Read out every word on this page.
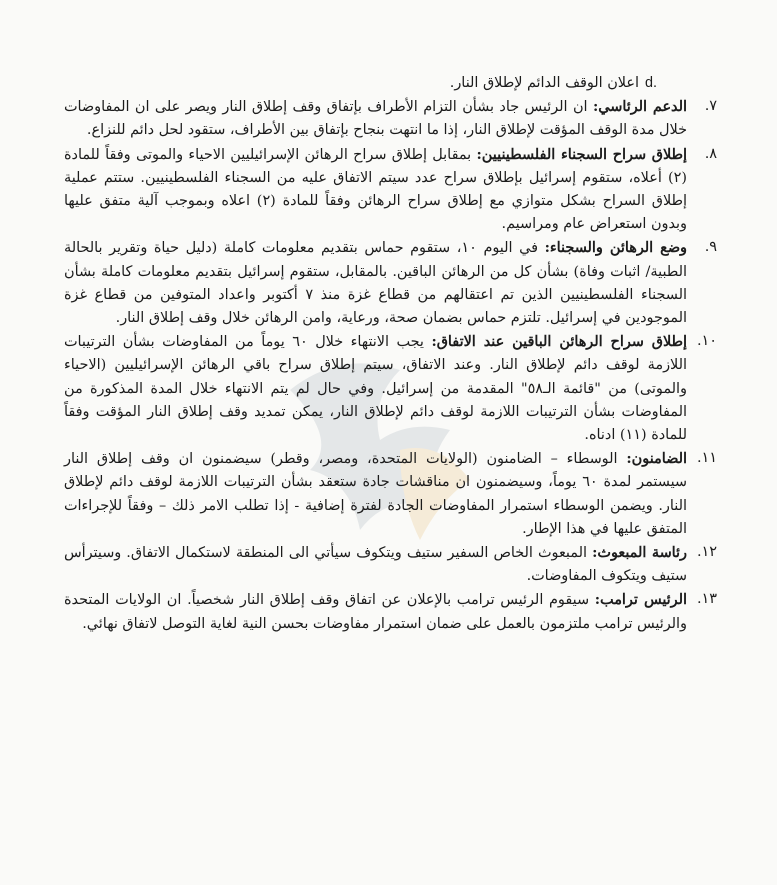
.dاعلان الوقف الدائم لإطلاق النار.

٧.
الدعم الرئاسي: ان الرئيس جاد بشأن التزام الأطراف بإتفاق وقف إطلاق النار ويصر على ان المفاوضات خلال مدة الوقف المؤقت لإطلاق النار، إذا ما انتهت بنجاح بإتفاق بين الأطراف، ستقود لحل دائم للنزاع.

٨.
إطلاق سراح السجناء الفلسطينيين: بمقابل إطلاق سراح الرهائن الإسرائيليين الاحياء والموتى وفقاً للمادة (٢) أعلاه، ستقوم إسرائيل بإطلاق سراح عدد سيتم الاتفاق عليه من السجناء الفلسطينيين. ستتم عملية إطلاق السراح بشكل متوازي مع إطلاق سراح الرهائن وفقاً للمادة (٢) اعلاه وبموجب آلية متفق عليها وبدون استعراض عام ومراسيم.

٩.
وضع الرهائن والسجناء: في اليوم ١٠، ستقوم حماس بتقديم معلومات كاملة (دليل حياة وتقرير بالحالة الطبية/ اثبات وفاة) بشأن كل من الرهائن الباقين. بالمقابل، ستقوم إسرائيل بتقديم معلومات كاملة بشأن السجناء الفلسطينيين الذين تم اعتقالهم من قطاع غزة منذ ٧ أكتوبر واعداد المتوفين من قطاع غزة الموجودين في إسرائيل. تلتزم حماس بضمان صحة، ورعاية، وامن الرهائن خلال وقف إطلاق النار.

١٠.
إطلاق سراح الرهائن الباقين عند الاتفاق: يجب الانتهاء خلال ٦٠ يوماً من المفاوضات بشأن الترتيبات اللازمة لوقف دائم لإطلاق النار. وعند الاتفاق، سيتم إطلاق سراح باقي الرهائن الإسرائيليين (الاحياء والموتى) من "قائمة الـ٥٨" المقدمة من إسرائيل. وفي حال لم يتم الانتهاء خلال المدة المذكورة من المفاوضات بشأن الترتيبات اللازمة لوقف دائم لإطلاق النار، يمكن تمديد وقف إطلاق النار المؤقت وفقاً للمادة (١١) ادناه.

١١.
الضامنون: الوسطاء – الضامنون (الولايات المتحدة، ومصر، وقطر) سيضمنون ان وقف إطلاق النار سيستمر لمدة ٦٠ يوماً، وسيضمنون ان مناقشات جادة ستعقد بشأن الترتيبات اللازمة لوقف دائم لإطلاق النار. ويضمن الوسطاء استمرار المفاوضات الجادة لفترة إضافية - إذا تطلب الامر ذلك – وفقاً للإجراءات المتفق عليها في هذا الإطار.

١٢.
رئاسة المبعوث: المبعوث الخاص السفير ستيف ويتكوف سيأتي الى المنطقة لاستكمال الاتفاق. وسيترأس ستيف ويتكوف المفاوضات.

١٣.
الرئيس ترامب: سيقوم الرئيس ترامب بالإعلان عن اتفاق وقف إطلاق النار شخصياً. ان الولايات المتحدة والرئيس ترامب ملتزمون بالعمل على ضمان استمرار مفاوضات بحسن النية لغاية التوصل لاتفاق نهائي.
